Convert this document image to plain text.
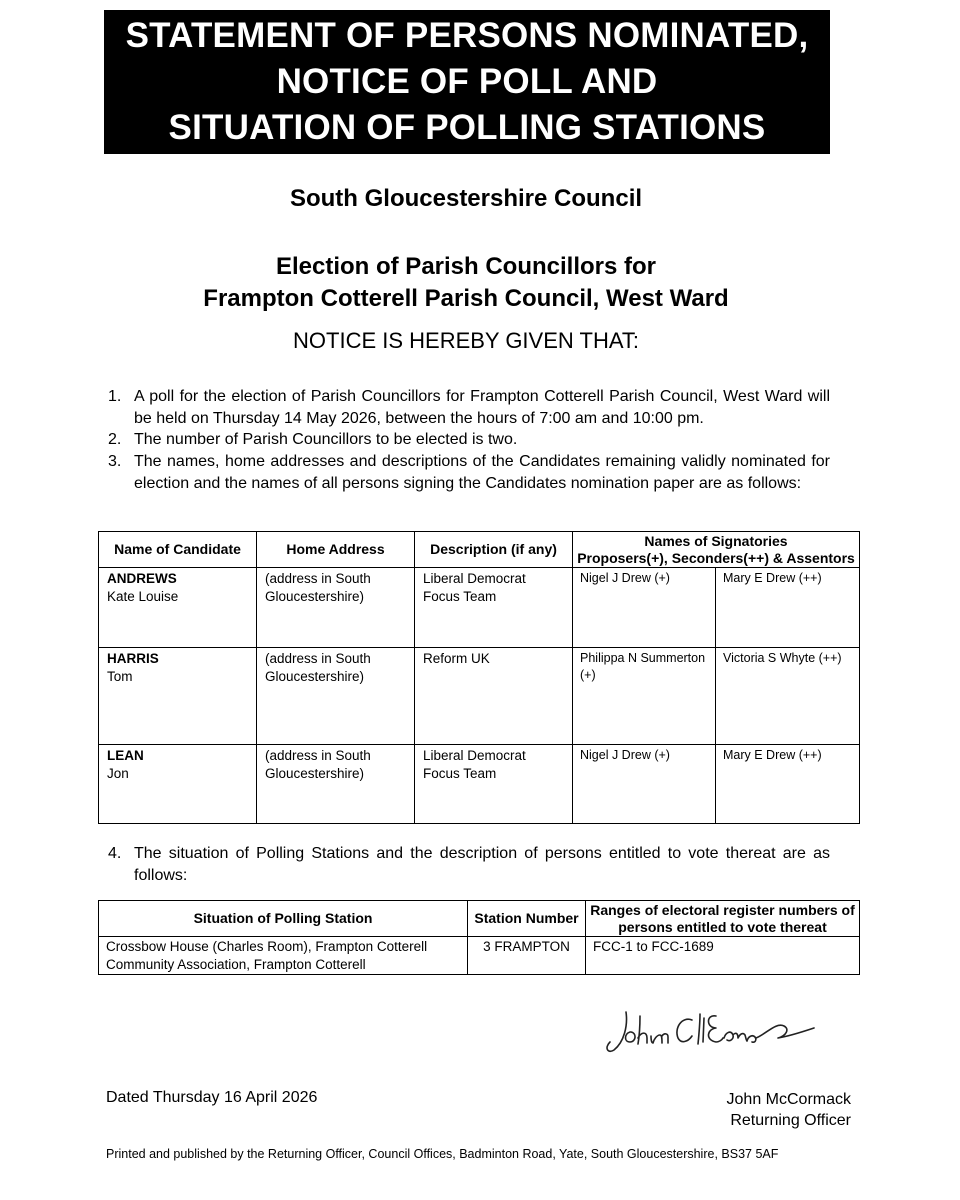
STATEMENT OF PERSONS NOMINATED,
NOTICE OF POLL AND
SITUATION OF POLLING STATIONS
South Gloucestershire Council
Election of Parish Councillors for
Frampton Cotterell Parish Council, West Ward
NOTICE IS HEREBY GIVEN THAT:
1. A poll for the election of Parish Councillors for Frampton Cotterell Parish Council, West Ward will be held on Thursday 14 May 2026, between the hours of 7:00 am and 10:00 pm.
2. The number of Parish Councillors to be elected is two.
3. The names, home addresses and descriptions of the Candidates remaining validly nominated for election and the names of all persons signing the Candidates nomination paper are as follows:
Name of Candidate	Home Address	Description (if any)	Names of Signatories
Proposers(+), Seconders(++) & Assentors	

ANDREWS
Kate Louise	(address in South Gloucestershire)	Liberal Democrat Focus Team	Nigel J Drew (+)	Mary E Drew (++)

HARRIS
Tom	(address in South Gloucestershire)	Reform UK	Philippa N Summerton (+)	Victoria S Whyte (++)

LEAN
Jon	(address in South Gloucestershire)	Liberal Democrat Focus Team	Nigel J Drew (+)	Mary E Drew (++)
4. The situation of Polling Stations and the description of persons entitled to vote thereat are as follows:
Situation of Polling Station	Station Number	Ranges of electoral register numbers of persons entitled to vote thereat
Crossbow House (Charles Room), Frampton Cotterell Community Association, Frampton Cotterell	3 FRAMPTON	FCC-1 to FCC-1689
Dated Thursday 16 April 2026	John McCormack
Returning Officer
Printed and published by the Returning Officer, Council Offices, Badminton Road, Yate, South Gloucestershire, BS37 5AF
